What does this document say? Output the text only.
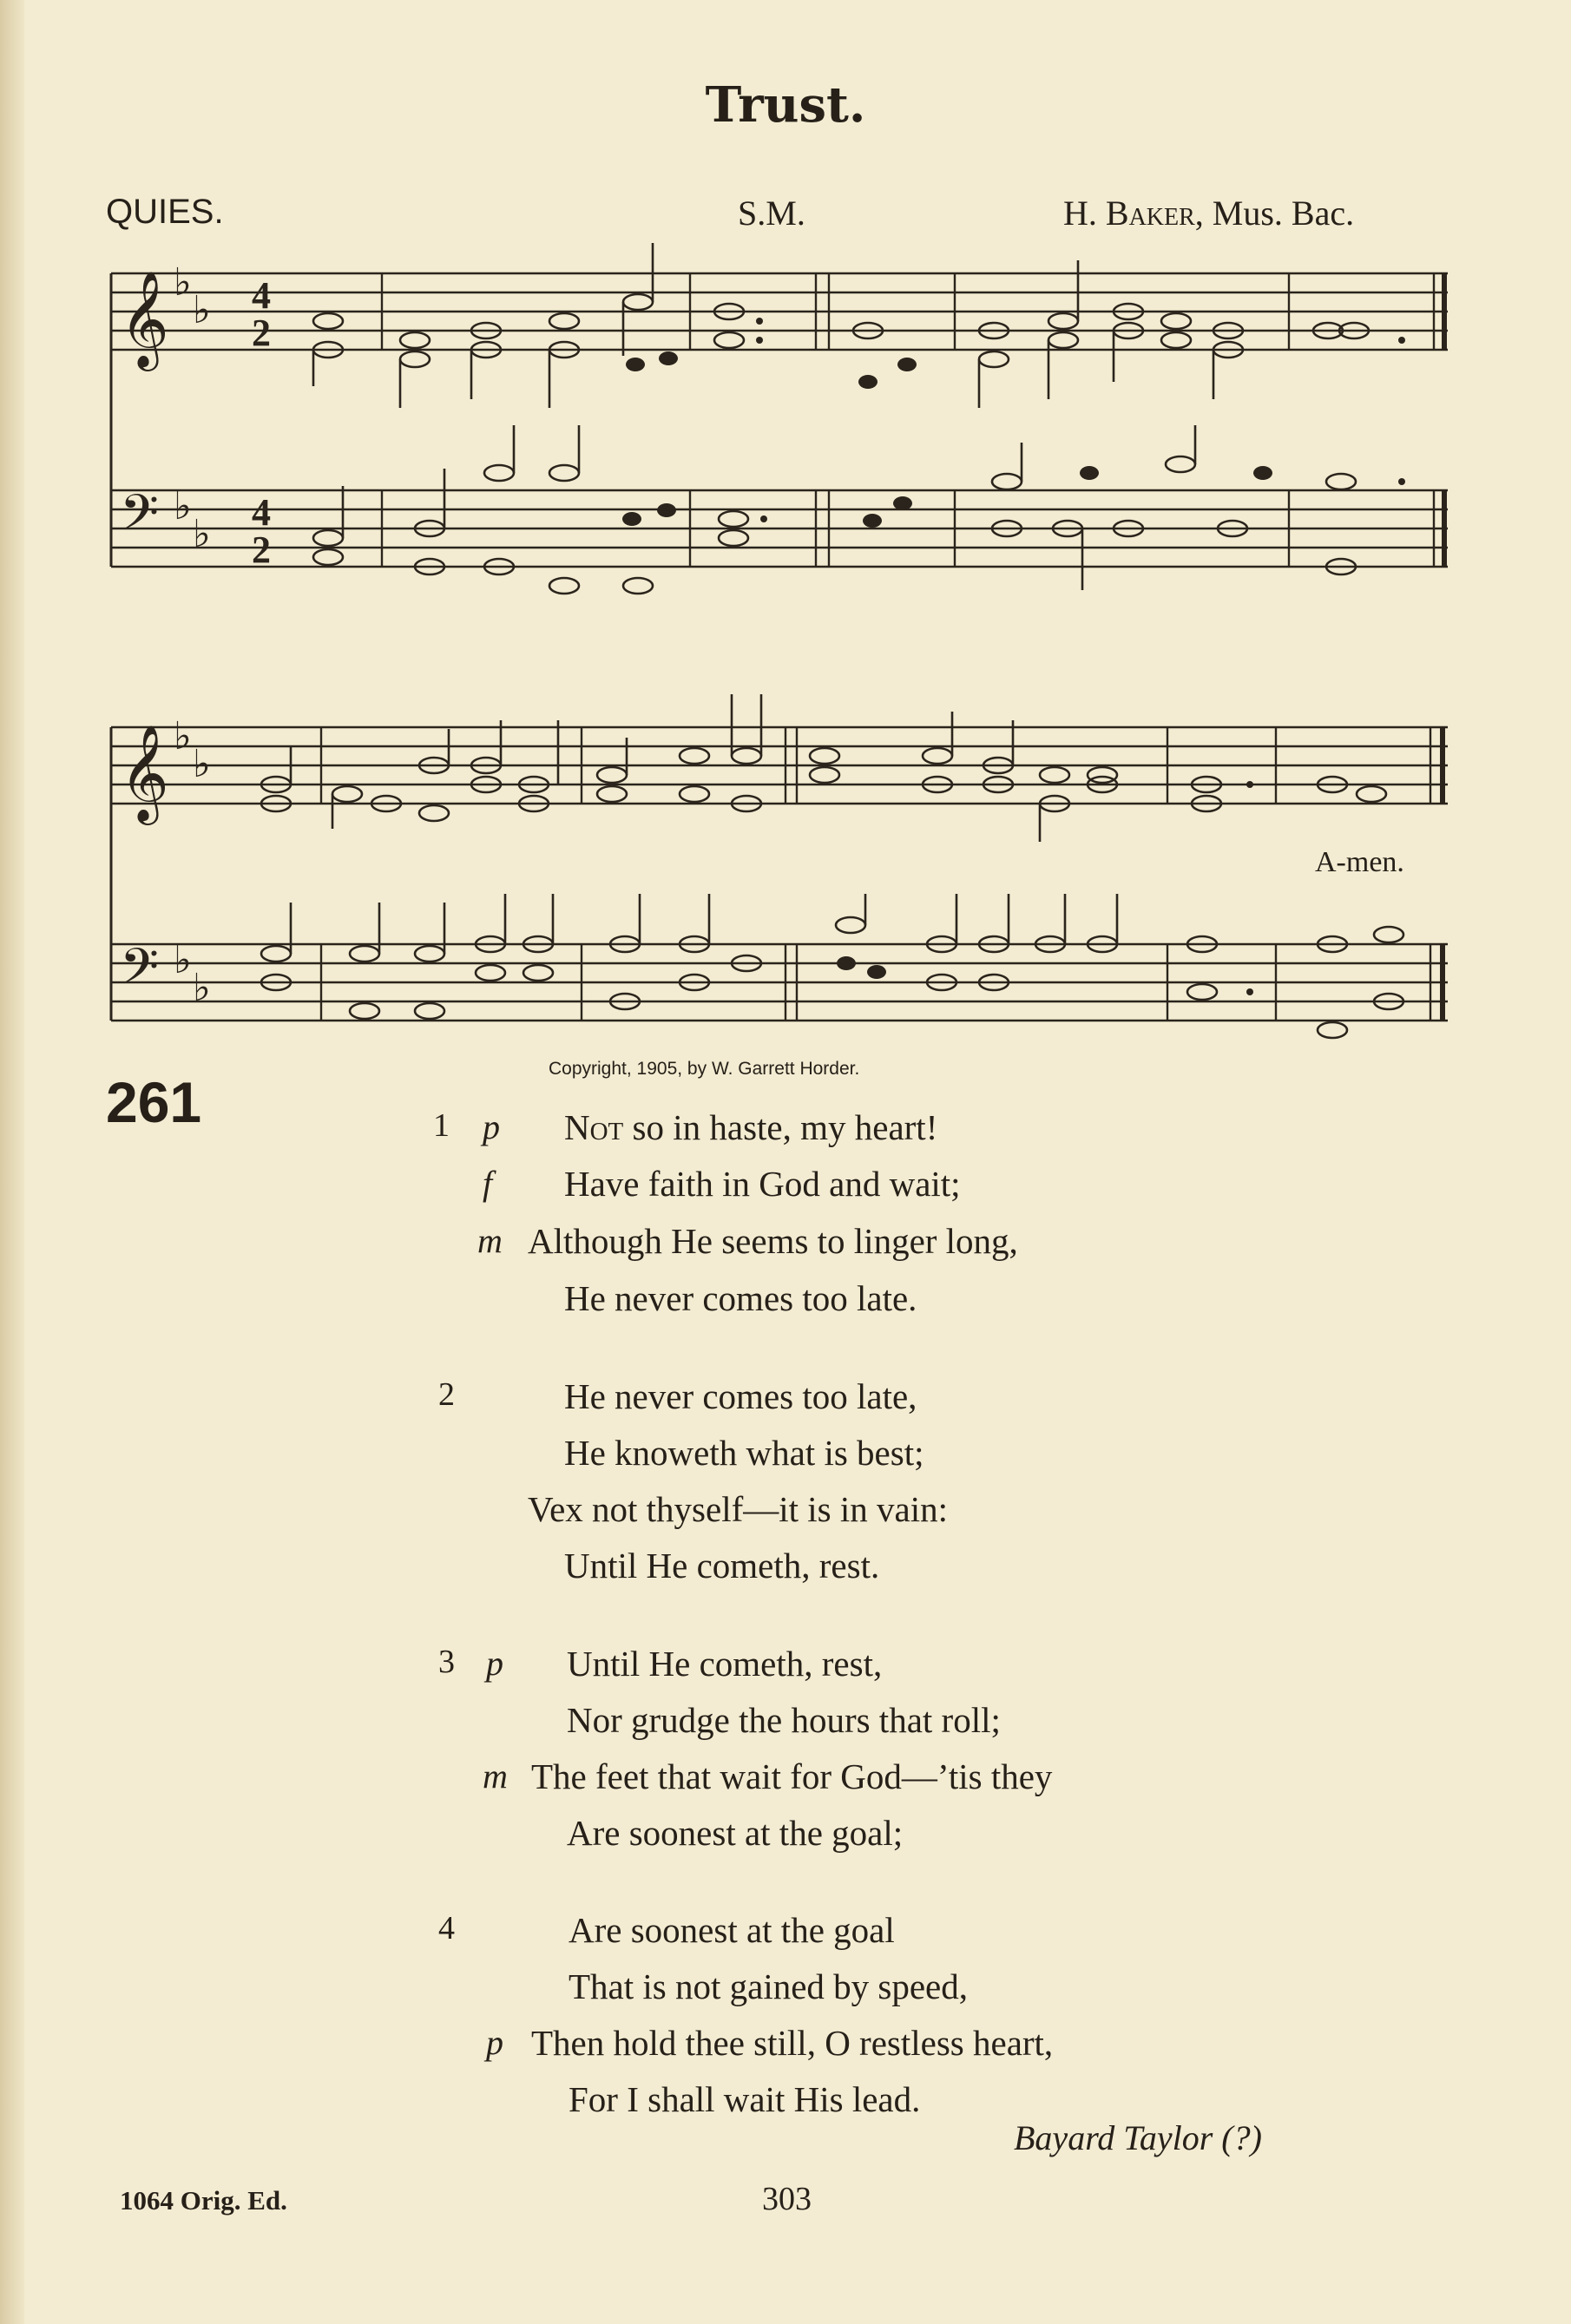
Trust.
QUIES.	S.M.	H. Baker, Mus. Bac.
𝄞
𝄢
♭
♭
♭
♭
4
2
4
2
𝄞
𝄢
♭
♭
♭
♭
A-men.
Copyright, 1905, by W. Garrett Horder.
261	1 p Not so in haste, my heart!
f Have faith in God and wait;
m Although He seems to linger long,
He never comes too late.
2	He never comes too late,
He knoweth what is best;
Vex not thyself—it is in vain:
Until He cometh, rest.
3 p Until He cometh, rest,
Nor grudge the hours that roll;
m The feet that wait for God—’tis they
Are soonest at the goal;
4	Are soonest at the goal
That is not gained by speed,
p Then hold thee still, O restless heart,
For I shall wait His lead.
Bayard Taylor (?)
1064 Orig. Ed.	303
